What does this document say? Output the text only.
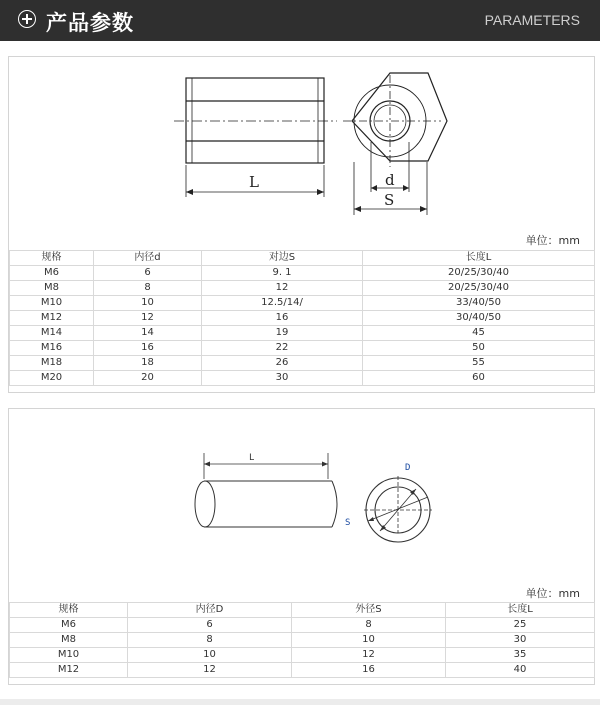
产品参数	PARAMETERS
L	d
S
单位：mm
规格	内径d	对边S	长度L
M6	6	9. 1	20/25/30/40
M8	8	12	20/25/30/40
M10	10	12.5/14/	33/40/50
M12	12	16	30/40/50
M14	14	19	45
M16	16	22	50
M18	18	26	55
M20	20	30	60
L
D
S
单位：mm
规格	内径D	外径S	长度L
M6	6	8	25
M8	8	10	30
M10	10	12	35
M12	12	16	40
